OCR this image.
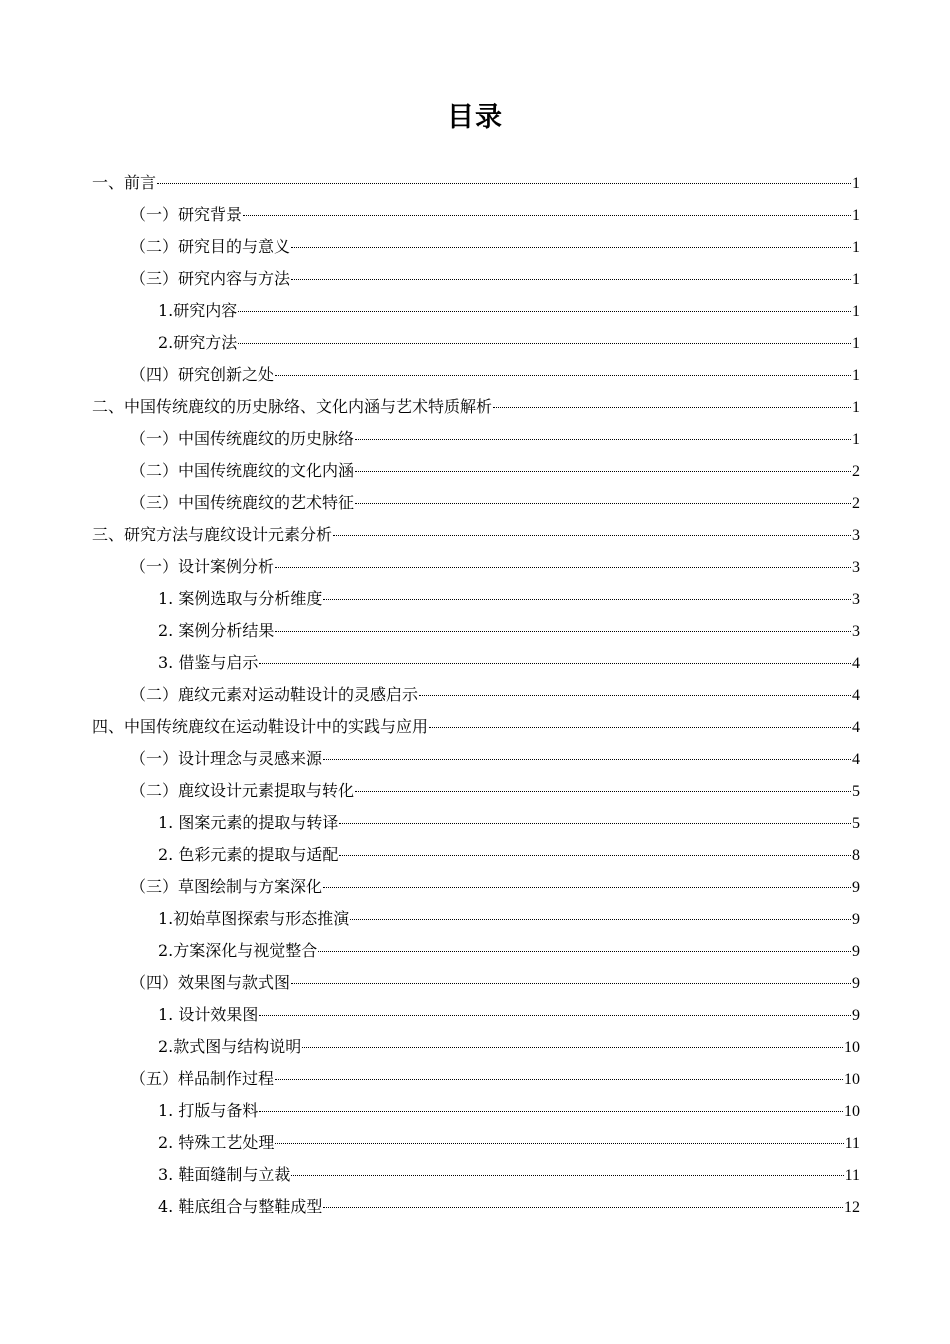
目录
一、前言	1
（一）研究背景	1
（二）研究目的与意义	1
（三）研究内容与方法	1
1.研究内容	1
2.研究方法	1
（四）研究创新之处	1
二、中国传统鹿纹的历史脉络、文化内涵与艺术特质解析	1
（一）中国传统鹿纹的历史脉络	1
（二）中国传统鹿纹的文化内涵	2
（三）中国传统鹿纹的艺术特征	2
三、研究方法与鹿纹设计元素分析	3
（一）设计案例分析	3
1. 案例选取与分析维度	3
2. 案例分析结果	3
3. 借鉴与启示	4
（二）鹿纹元素对运动鞋设计的灵感启示	4
四、中国传统鹿纹在运动鞋设计中的实践与应用	4
（一）设计理念与灵感来源	4
（二）鹿纹设计元素提取与转化	5
1. 图案元素的提取与转译	5
2. 色彩元素的提取与适配	8
（三）草图绘制与方案深化	9
1.初始草图探索与形态推演	9
2.方案深化与视觉整合	9
（四）效果图与款式图	9
1. 设计效果图	9
2.款式图与结构说明	10
（五）样品制作过程	10
1. 打版与备料	10
2. 特殊工艺处理	11
3. 鞋面缝制与立裁	11
4. 鞋底组合与整鞋成型	12
